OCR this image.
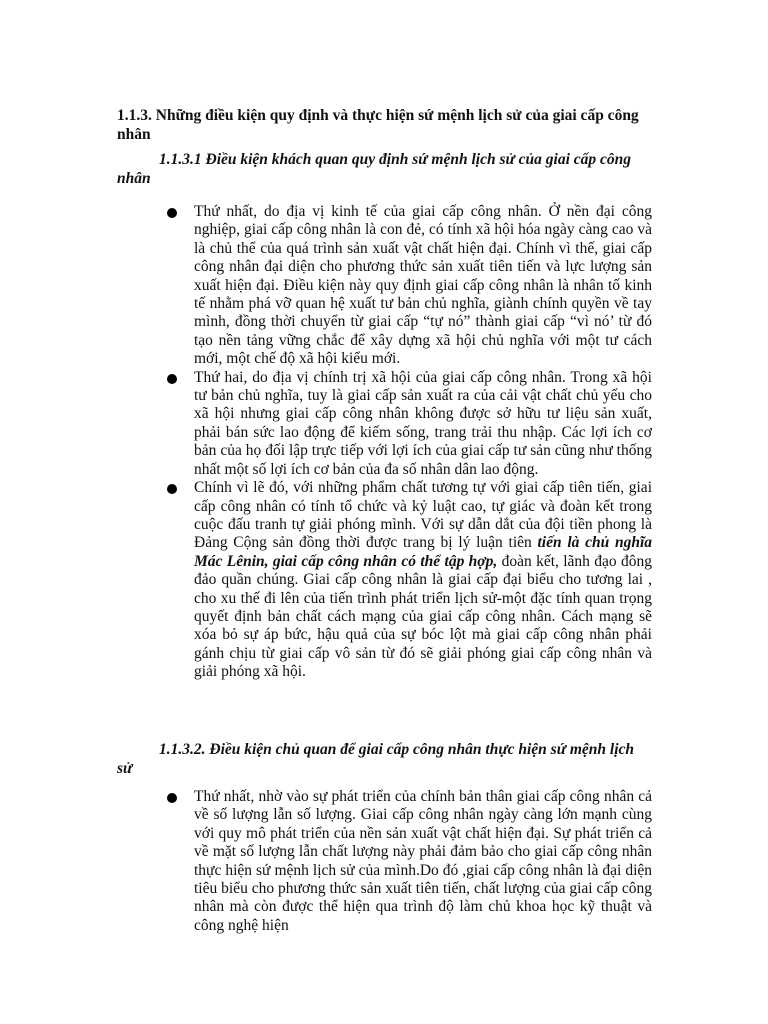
1.1.3. Những điều kiện quy định và thực hiện sứ mệnh lịch sử của giai cấp công nhân
1.1.3.1 Điều kiện khách quan quy định sứ mệnh lịch sử của giai cấp công nhân
Thứ nhất, do địa vị kinh tế của giai cấp công nhân. Ở nền đại công nghiệp, giai cấp công nhân là con đẻ, có tính xã hội hóa ngày càng cao và là chủ thể của quá trình sản xuất vật chất hiện đại. Chính vì thế, giai cấp công nhân đại diện cho phương thức sản xuất tiên tiến và lực lượng sản xuất hiện đại. Điều kiện này quy định giai cấp công nhân là nhân tố kinh tế nhằm phá vỡ quan hệ xuất tư bản chủ nghĩa, giành chính quyền về tay mình, đồng thời chuyển từ giai cấp “tự nó” thành giai cấp “vì nó’ từ đó tạo nền tảng vững chắc để xây dựng xã hội chủ nghĩa với một tư cách mới, một chế độ xã hội kiểu mới.
Thứ hai, do địa vị chính trị xã hội của giai cấp công nhân. Trong xã hội tư bản chủ nghĩa, tuy là giai cấp sản xuất ra của cải vật chất chủ yếu cho xã hội nhưng giai cấp công nhân không được sở hữu tư liệu sản xuất, phải bán sức lao động để kiếm sống, trang trải thu nhập. Các lợi ích cơ bản của họ đối lập trực tiếp với lợi ích của giai cấp tư sản cũng như thống nhất một số lợi ích cơ bản của đa số nhân dân lao động.
Chính vì lẽ đó, với những phẩm chất tương tự với giai cấp tiên tiến, giai cấp công nhân có tính tổ chức và kỷ luật cao, tự giác và đoàn kết trong cuộc đấu tranh tự giải phóng mình. Với sự dẫn dắt của đội tiền phong là Đảng Cộng sản đồng thời được trang bị lý luận tiên tiến là chủ nghĩa Mác Lênin, giai cấp công nhân có thể tập hợp, đoàn kết, lãnh đạo đông đảo quần chúng. Giai cấp công nhân là giai cấp đại biểu cho tương lai , cho xu thế đi lên của tiến trình phát triển lịch sử-một đặc tính quan trọng quyết định bản chất cách mạng của giai cấp công nhân. Cách mạng sẽ xóa bỏ sự áp bức, hậu quả của sự bóc lột mà giai cấp công nhân phải gánh chịu từ giai cấp vô sản từ đó sẽ giải phóng giai cấp công nhân và giải phóng xã hội.
1.1.3.2. Điều kiện chủ quan để giai cấp công nhân thực hiện sứ mệnh lịch sử
Thứ nhất, nhờ vào sự phát triển của chính bản thân giai cấp công nhân cả về số lượng lẫn số lượng. Giai cấp công nhân ngày càng lớn mạnh cùng với quy mô phát triển của nền sản xuất vật chất hiện đại. Sự phát triển cả về mặt số lượng lẫn chất lượng này phải đảm bảo cho giai cấp công nhân thực hiện sứ mệnh lịch sử của mình.Do đó ,giai cấp công nhân là đại diện tiêu biểu cho phương thức sản xuất tiên tiến, chất lượng của giai cấp công nhân mà còn được thể hiện qua trình độ làm chủ khoa học kỹ thuật và công nghệ hiện
